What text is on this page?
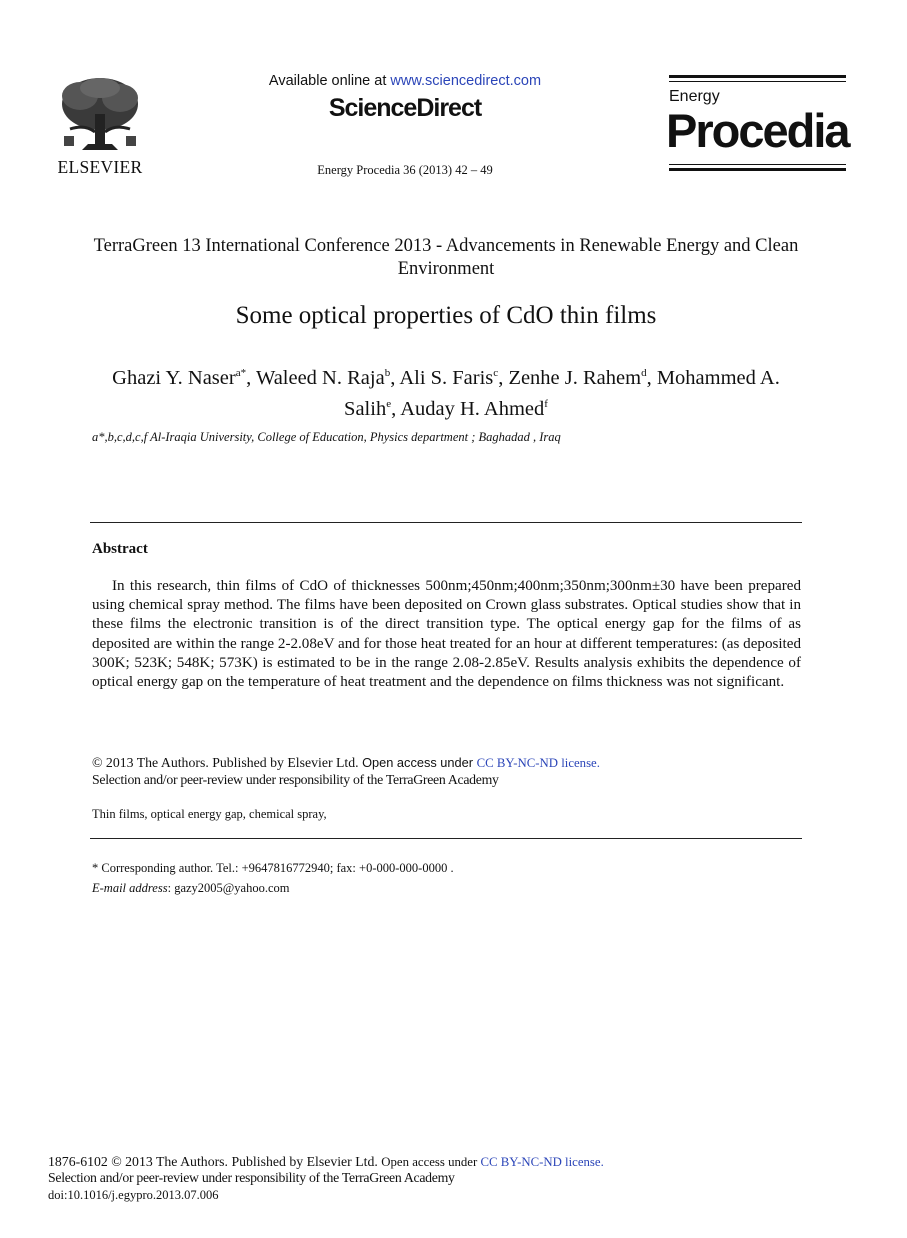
ELSEVIER
Available online at www.sciencedirect.com
ScienceDirect
Energy Procedia 36 (2013) 42 – 49
Energy
Procedia
TerraGreen 13 International Conference 2013 - Advancements in Renewable Energy and Clean Environment
Some optical properties of CdO thin films
Ghazi Y. Naser$^{a*}$, Waleed N. Raja$^b$, Ali S. Faris$^c$, Zenhe J. Rahem$^d$, Mohammed A. Salih$^e$, Auday H. Ahmed$^f$
a*,b,c,d,c,f Al-Iraqia University, College of Education, Physics department ; Baghadad , Iraq
Abstract
In this research, thin films of CdO of thicknesses 500nm;450nm;400nm;350nm;300nm±30 have been prepared using chemical spray method. The films have been deposited on Crown glass substrates. Optical studies show that in these films the electronic transition is of the direct transition type. The optical energy gap for the films of as deposited are within the range 2-2.08eV and for those heat treated for an hour at different temperatures: (as deposited 300K; 523K; 548K; 573K) is estimated to be in the range 2.08-2.85eV. Results analysis exhibits the dependence of optical energy gap on the temperature of heat treatment and the dependence on films thickness was not significant.
© 2013 The Authors. Published by Elsevier Ltd. Open access under CC BY-NC-ND license.
Selection and/or peer-review under responsibility of the TerraGreen Academy
Thin films, optical energy gap, chemical spray,
* Corresponding author. Tel.: +9647816772940; fax: +0-000-000-0000 .
E-mail address: gazy2005@yahoo.com
1876-6102 © 2013 The Authors. Published by Elsevier Ltd. Open access under CC BY-NC-ND license.
Selection and/or peer-review under responsibility of the TerraGreen Academy
doi:10.1016/j.egypro.2013.07.006
